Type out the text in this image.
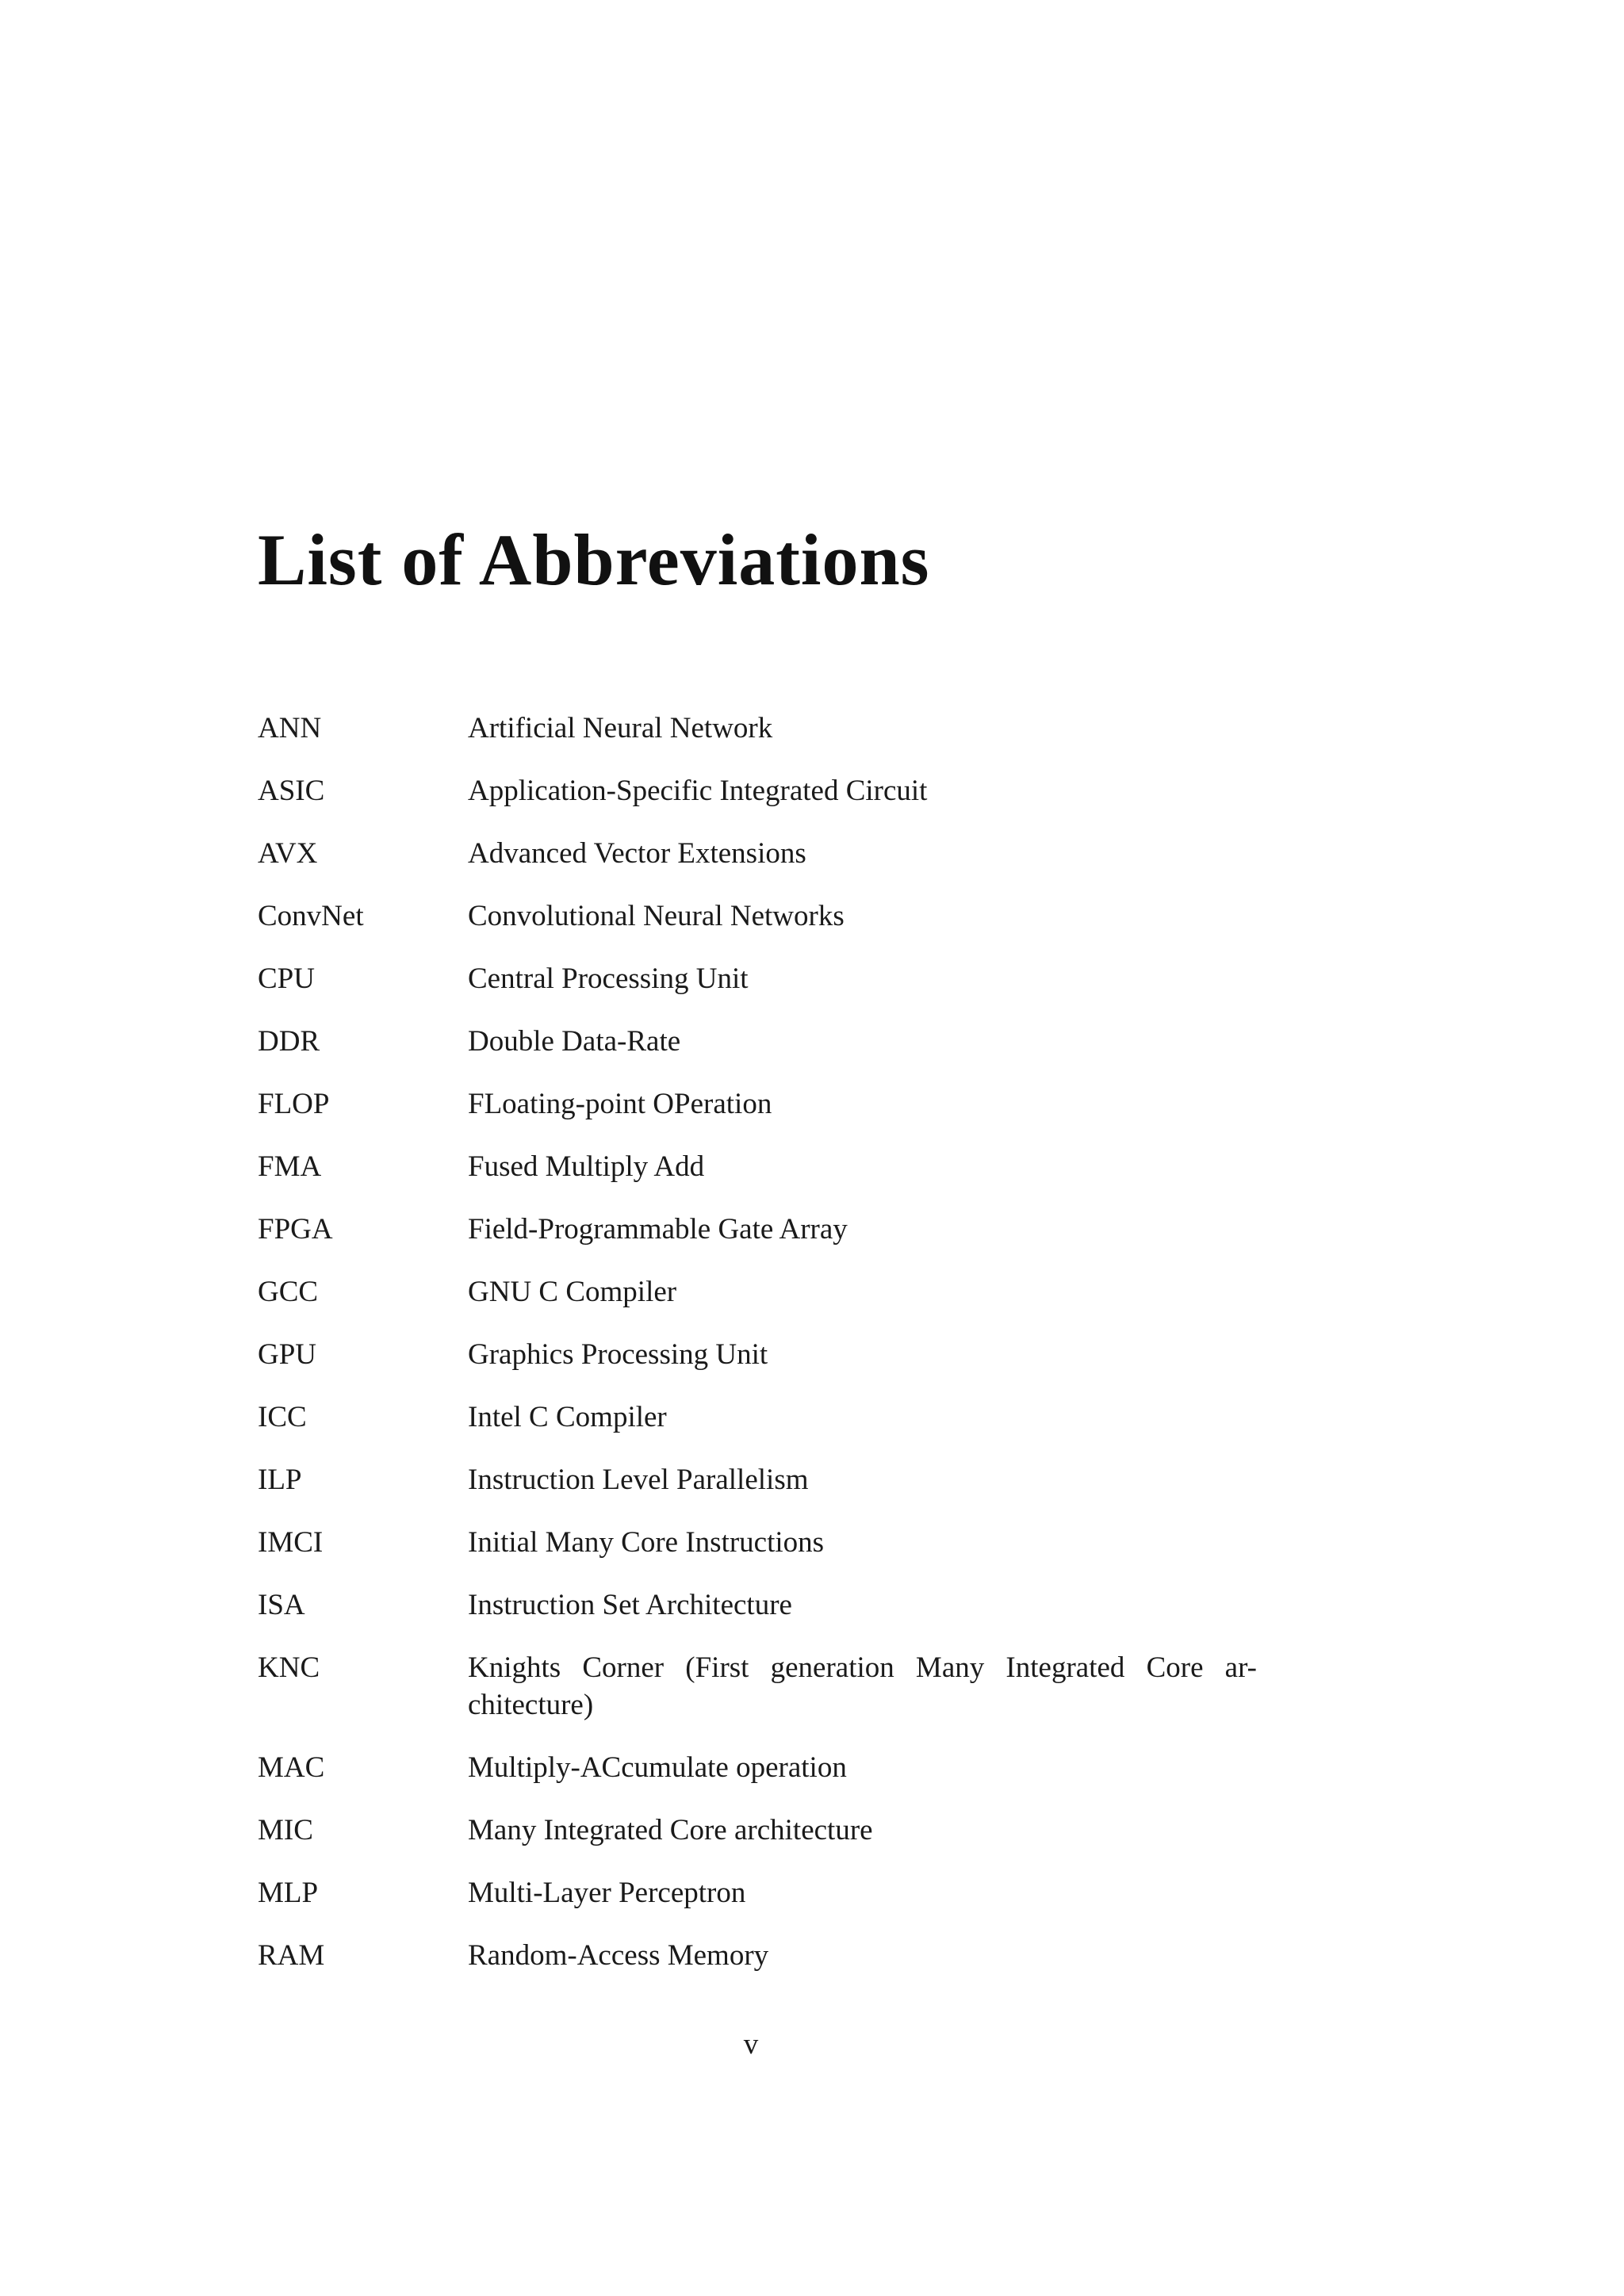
List of Abbreviations
ANN	Artificial Neural Network
ASIC	Application-Specific Integrated Circuit
AVX	Advanced Vector Extensions
ConvNet	Convolutional Neural Networks
CPU	Central Processing Unit
DDR	Double Data-Rate
FLOP	FLoating-point OPeration
FMA	Fused Multiply Add
FPGA	Field-Programmable Gate Array
GCC	GNU C Compiler
GPU	Graphics Processing Unit
ICC	Intel C Compiler
ILP	Instruction Level Parallelism
IMCI	Initial Many Core Instructions
ISA	Instruction Set Architecture
KNC	Knights Corner (First generation Many Integrated Core ar-chitecture)
MAC	Multiply-ACcumulate operation
MIC	Many Integrated Core architecture
MLP	Multi-Layer Perceptron
RAM	Random-Access Memory
v
